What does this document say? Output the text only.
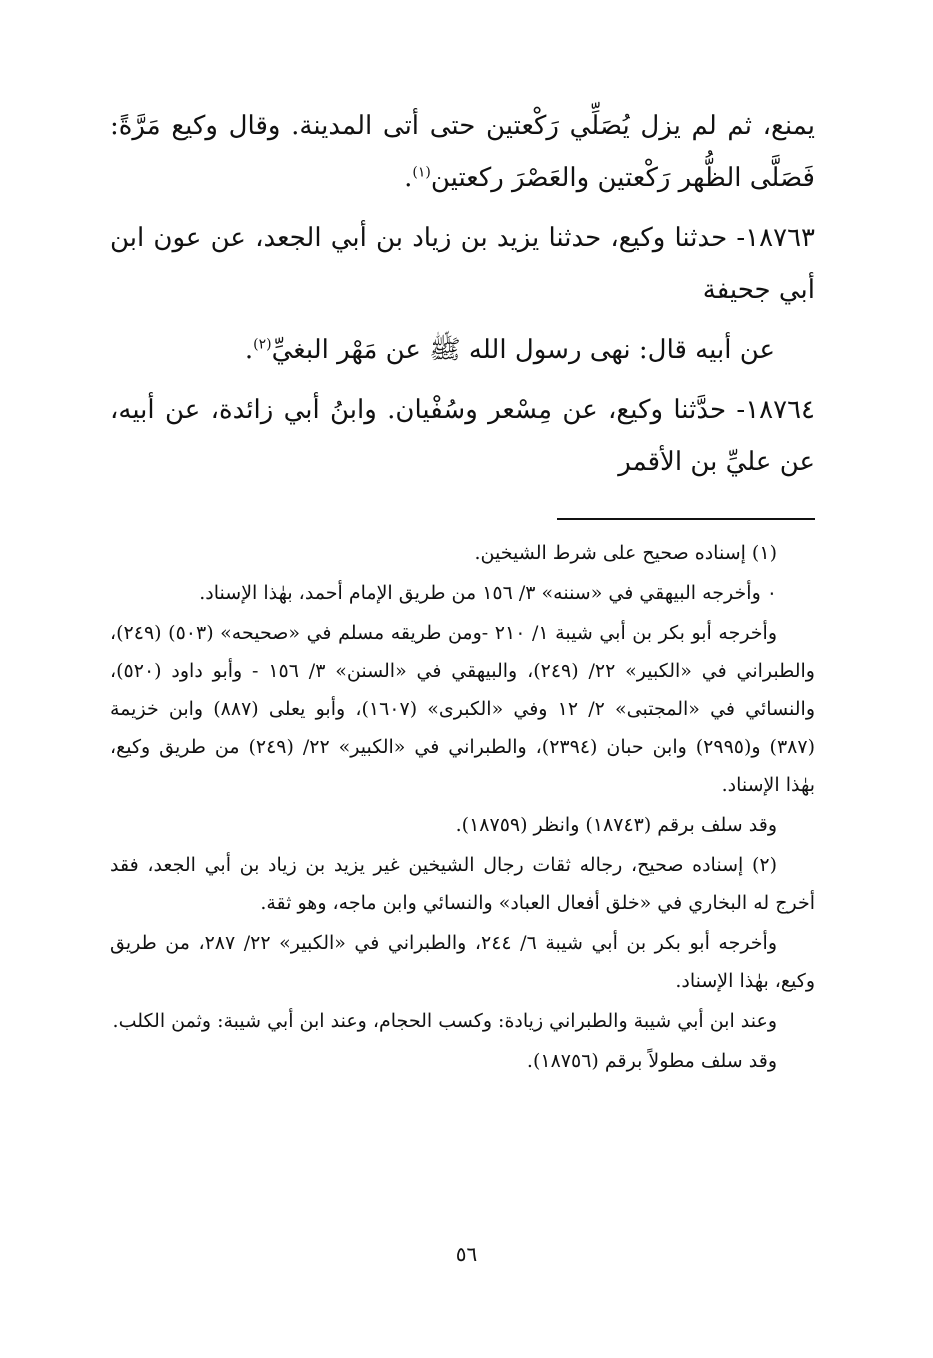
يمنع، ثم لم يزل يُصَلِّي رَكْعتين حتى أتى المدينة. وقال وكيع مَرَّةً: فَصَلَّى الظُّهر رَكْعتين والعَصْرَ ركعتين$^{(١)}$.

١٨٧٦٣- حدثنا وكيع، حدثنا يزيد بن زياد بن أبي الجعد، عن عون ابن أبي جحيفة

عن أبيه قال: نهى رسول الله ﷺ عن مَهْر البغيِّ$^{(٢)}$.

١٨٧٦٤- حدَّثنا وكيع، عن مِسْعر وسُفْيان. وابنُ أبي زائدة، عن أبيه، عن عليِّ بن الأقمر

(١) إسناده صحيح على شرط الشيخين.

٠ وأخرجه البيهقي في «سننه» ٣/ ١٥٦ من طريق الإمام أحمد، بهٰذا الإسناد.

وأخرجه أبو بكر بن أبي شيبة ١/ ٢١٠ -ومن طريقه مسلم في «صحيحه» (٥٠٣) (٢٤٩)، والطبراني في «الكبير» ٢٢/ (٢٤٩)، والبيهقي في «السنن» ٣/ ١٥٦ - وأبو داود (٥٢٠)، والنسائي في «المجتبى» ٢/ ١٢ وفي «الكبرى» (١٦٠٧)، وأبو يعلى (٨٨٧) وابن خزيمة (٣٨٧) و(٢٩٩٥) وابن حبان (٢٣٩٤)، والطبراني في «الكبير» ٢٢/ (٢٤٩) من طريق وكيع، بهٰذا الإسناد.

وقد سلف برقم (١٨٧٤٣) وانظر (١٨٧٥٩).

(٢) إسناده صحيح، رجاله ثقات رجال الشيخين غير يزيد بن زياد بن أبي الجعد، فقد أخرج له البخاري في «خلق أفعال العباد» والنسائي وابن ماجه، وهو ثقة.

وأخرجه أبو بكر بن أبي شيبة ٦/ ٢٤٤، والطبراني في «الكبير» ٢٢/ ٢٨٧، من طريق وكيع، بهٰذا الإسناد.

وعند ابن أبي شيبة والطبراني زيادة: وكسب الحجام، وعند ابن أبي شيبة: وثمن الكلب.

وقد سلف مطولاً برقم (١٨٧٥٦).

٥٦
